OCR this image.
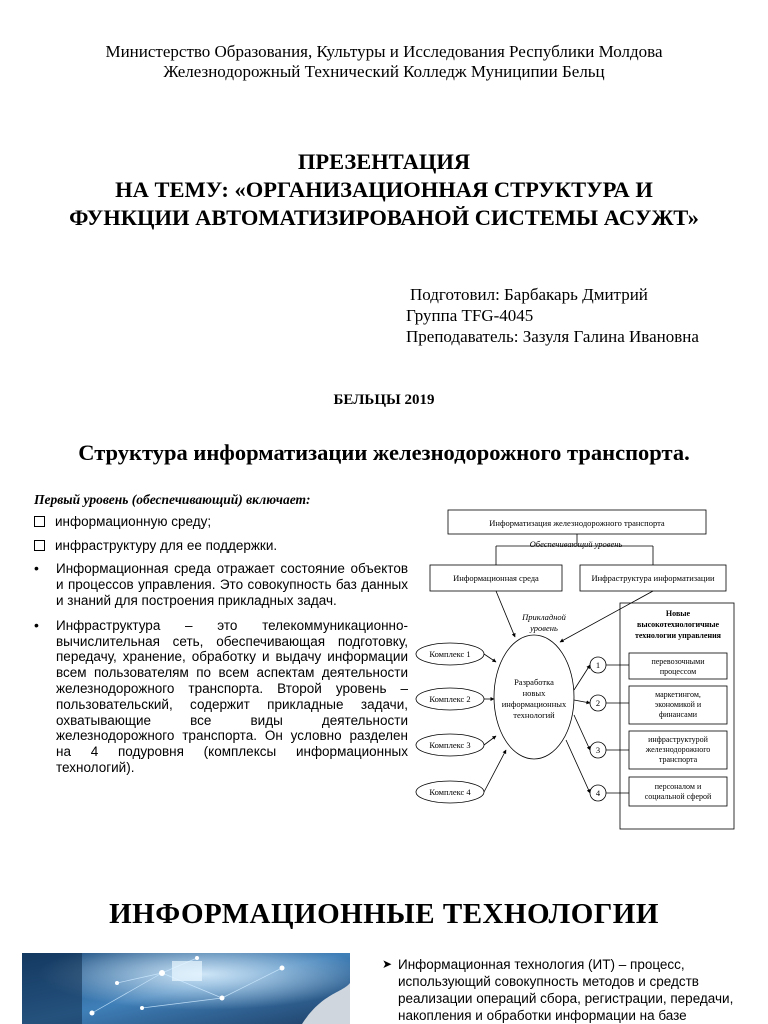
Министерство Образования, Культуры и Исследования Республики Молдова
Железнодорожный Технический Колледж Муниципии Бельц
ПРЕЗЕНТАЦИЯ
НА ТЕМУ: «ОРГАНИЗАЦИОННАЯ СТРУКТУРА И
ФУНКЦИИ АВТОМАТИЗИРОВАНОЙ СИСТЕМЫ АСУЖТ»
Подготовил: Барбакарь Дмитрий
Группа TFG-4045
Преподаватель: Зазуля Галина Ивановна
БЕЛЬЦЫ 2019
Структура информатизации железнодорожного транспорта.
Первый уровень (обеспечивающий) включает:
информационную среду;
инфраструктуру для ее поддержки.
•	Информационная среда отражает состояние объектов и процессов управления. Это совокупность баз данных и знаний для построения прикладных задач.
•	Инфраструктура – это телекоммуникационно-вычислительная сеть, обеспечивающая подготовку, передачу, хранение, обработку и выдачу информации всем пользователям по всем аспектам деятельности железнодорожного транспорта. Второй уровень – пользовательский, содержит прикладные задачи, охватывающие все виды деятельности железнодорожного транспорта. Он условно разделен на 4 подуровня (комплексы информационных технологий).
Информатизация железнодорожного транспорта
Обеспечивающий уровень
Информационная среда	Инфраструктура информатизации
Прикладной
уровень
Комплекс 1
Комплекс 2
Комплекс 3
Комплекс 4
Разработка
новых
информационных
технологий
1
2
3
4
Новые
высокотехнологичные
технологии управления
перевозочными
процессом
маркетингом,
экономикой и
финансами
инфраструктурой
железнодорожного
транспорта
персоналом и
социальной сферой
ИНФОРМАЦИОННЫЕ ТЕХНОЛОГИИ
➤ Информационная технология (ИТ) – процесс, использующий совокупность методов и средств реализации операций сбора, регистрации, передачи, накопления и обработки информации на базе
